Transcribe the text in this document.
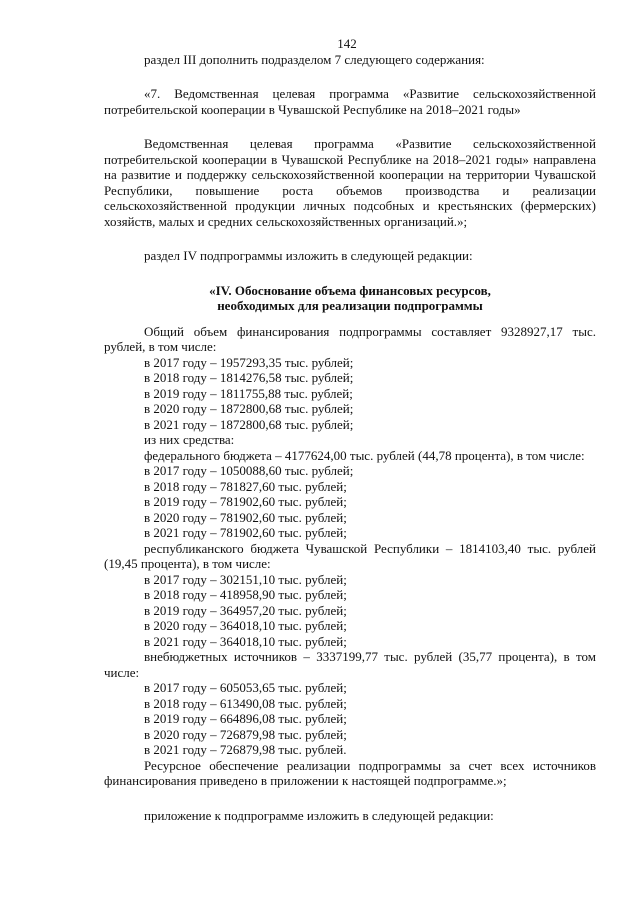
142

раздел III дополнить подразделом 7 следующего содержания:

«7. Ведомственная целевая программа «Развитие сельскохозяйственной потребительской кооперации в Чувашской Республике на 2018–2021 годы»

Ведомственная целевая программа «Развитие сельскохозяйственной потребительской кооперации в Чувашской Республике на 2018–2021 годы» направлена на развитие и поддержку сельскохозяйственной кооперации на территории Чувашской Республики, повышение роста объемов производства и реализации сельскохозяйственной продукции личных подсобных и крестьянских (фермерских) хозяйств, малых и средних сельскохозяйственных организаций.»;

раздел IV подпрограммы изложить в следующей редакции:

«IV. Обоснование объема финансовых ресурсов,
необходимых для реализации подпрограммы

Общий объем финансирования подпрограммы составляет 9328927,17 тыс. рублей, в том числе:

в 2017 году – 1957293,35 тыс. рублей;
в 2018 году – 1814276,58 тыс. рублей;
в 2019 году – 1811755,88 тыс. рублей;
в 2020 году – 1872800,68 тыс. рублей;
в 2021 году – 1872800,68 тыс. рублей;
из них средства:

федерального бюджета – 4177624,00 тыс. рублей (44,78 процента), в том числе:

в 2017 году – 1050088,60 тыс. рублей;
в 2018 году – 781827,60 тыс. рублей;
в 2019 году – 781902,60 тыс. рублей;
в 2020 году – 781902,60 тыс. рублей;
в 2021 году – 781902,60 тыс. рублей;

республиканского бюджета Чувашской Республики – 1814103,40 тыс. рублей (19,45 процента), в том числе:

в 2017 году – 302151,10 тыс. рублей;
в 2018 году – 418958,90 тыс. рублей;
в 2019 году – 364957,20 тыс. рублей;
в 2020 году – 364018,10 тыс. рублей;
в 2021 году – 364018,10 тыс. рублей;

внебюджетных источников – 3337199,77 тыс. рублей (35,77 процента), в том числе:

в 2017 году – 605053,65 тыс. рублей;
в 2018 году – 613490,08 тыс. рублей;
в 2019 году – 664896,08 тыс. рублей;
в 2020 году – 726879,98 тыс. рублей;
в 2021 году – 726879,98 тыс. рублей.

Ресурсное обеспечение реализации подпрограммы за счет всех источников финансирования приведено в приложении к настоящей подпрограмме.»;

приложение к подпрограмме изложить в следующей редакции:
